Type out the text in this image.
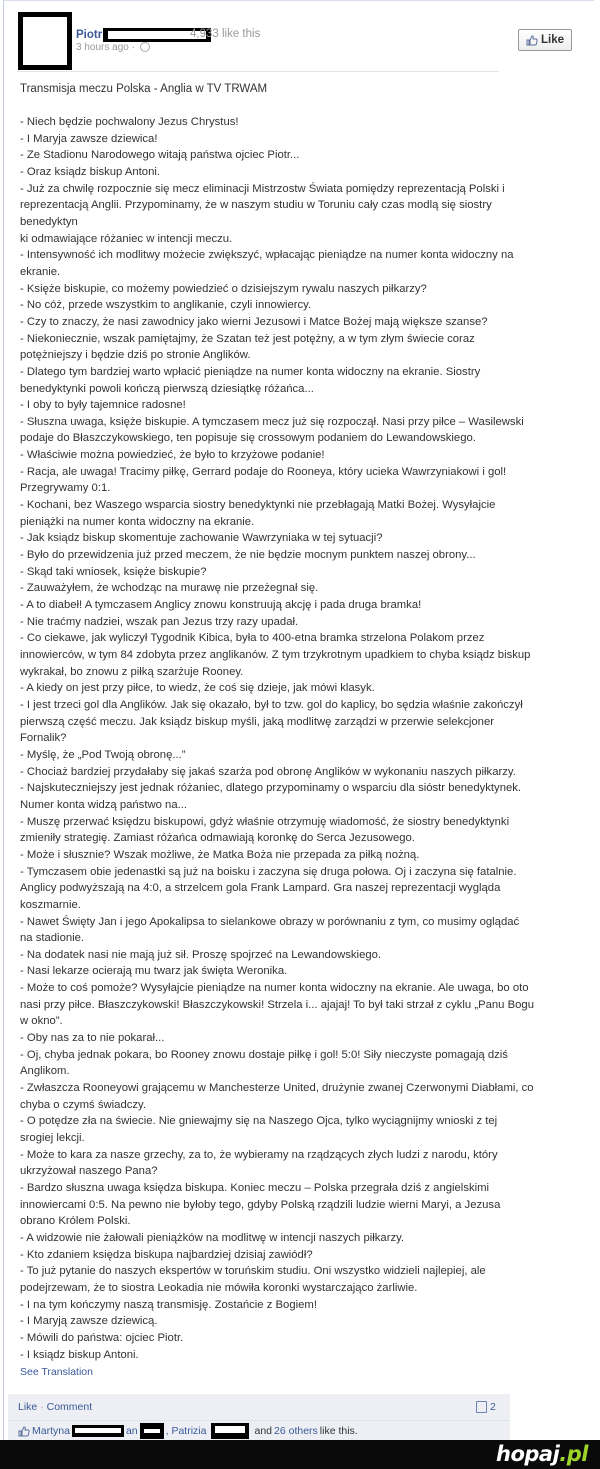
Piotr	4,933 like this
3 hours ago ·
Like
Transmisja meczu Polska - Anglia w TV TRWAM
- Niech będzie pochwalony Jezus Chrystus!
- I Maryja zawsze dziewica!
- Ze Stadionu Narodowego witają państwa ojciec Piotr...
- Oraz ksiądz biskup Antoni.
- Już za chwilę rozpocznie się mecz eliminacji Mistrzostw Świata pomiędzy reprezentacją Polski i
reprezentacją Anglii. Przypominamy, że w naszym studiu w Toruniu cały czas modlą się siostry
benedyktyn
ki odmawiające różaniec w intencji meczu.
- Intensywność ich modlitwy możecie zwiększyć, wpłacając pieniądze na numer konta widoczny na
ekranie.
- Księże biskupie, co możemy powiedzieć o dzisiejszym rywalu naszych piłkarzy?
- No cóż, przede wszystkim to anglikanie, czyli innowiercy.
- Czy to znaczy, że nasi zawodnicy jako wierni Jezusowi i Matce Bożej mają większe szanse?
- Niekoniecznie, wszak pamiętajmy, że Szatan też jest potężny, a w tym złym świecie coraz
potężniejszy i będzie dziś po stronie Anglików.
- Dlatego tym bardziej warto wpłacić pieniądze na numer konta widoczny na ekranie. Siostry
benedyktynki powoli kończą pierwszą dziesiątkę różańca...
- I oby to były tajemnice radosne!
- Słuszna uwaga, księże biskupie. A tymczasem mecz już się rozpoczął. Nasi przy piłce – Wasilewski
podaje do Błaszczykowskiego, ten popisuje się crossowym podaniem do Lewandowskiego.
- Właściwie można powiedzieć, że było to krzyżowe podanie!
- Racja, ale uwaga! Tracimy piłkę, Gerrard podaje do Rooneya, który ucieka Wawrzyniakowi i gol!
Przegrywamy 0:1.
- Kochani, bez Waszego wsparcia siostry benedyktynki nie przebłagają Matki Bożej. Wysyłajcie
pieniążki na numer konta widoczny na ekranie.
- Jak ksiądz biskup skomentuje zachowanie Wawrzyniaka w tej sytuacji?
- Było do przewidzenia już przed meczem, że nie będzie mocnym punktem naszej obrony...
- Skąd taki wniosek, księże biskupie?
- Zauważyłem, że wchodząc na murawę nie przeżegnał się.
- A to diabeł! A tymczasem Anglicy znowu konstruują akcję i pada druga bramka!
- Nie traćmy nadziei, wszak pan Jezus trzy razy upadał.
- Co ciekawe, jak wyliczył Tygodnik Kibica, była to 400-etna bramka strzelona Polakom przez
innowierców, w tym 84 zdobyta przez anglikanów. Z tym trzykrotnym upadkiem to chyba ksiądz biskup
wykrakał, bo znowu z piłką szarżuje Rooney.
- A kiedy on jest przy piłce, to wiedz, że coś się dzieje, jak mówi klasyk.
- I jest trzeci gol dla Anglików. Jak się okazało, był to tzw. gol do kaplicy, bo sędzia właśnie zakończył
pierwszą część meczu. Jak ksiądz biskup myśli, jaką modlitwę zarządzi w przerwie selekcjoner
Fornalik?
- Myślę, że „Pod Twoją obronę...”
- Chociaż bardziej przydałaby się jakaś szarża pod obronę Anglików w wykonaniu naszych piłkarzy.
- Najskuteczniejszy jest jednak różaniec, dlatego przypominamy o wsparciu dla sióstr benedyktynek.
Numer konta widzą państwo na...
- Muszę przerwać księdzu biskupowi, gdyż właśnie otrzymuję wiadomość, że siostry benedyktynki
zmieniły strategię. Zamiast różańca odmawiają koronkę do Serca Jezusowego.
- Może i słusznie? Wszak możliwe, że Matka Boża nie przepada za piłką nożną.
- Tymczasem obie jedenastki są już na boisku i zaczyna się druga połowa. Oj i zaczyna się fatalnie.
Anglicy podwyższają na 4:0, a strzelcem gola Frank Lampard. Gra naszej reprezentacji wygląda
koszmarnie.
- Nawet Święty Jan i jego Apokalipsa to sielankowe obrazy w porównaniu z tym, co musimy oglądać
na stadionie.
- Na dodatek nasi nie mają już sił. Proszę spojrzeć na Lewandowskiego.
- Nasi lekarze ocierają mu twarz jak święta Weronika.
- Może to coś pomoże? Wysyłajcie pieniądze na numer konta widoczny na ekranie. Ale uwaga, bo oto
nasi przy piłce. Błaszczykowski! Błaszczykowski! Strzela i... ajajaj! To był taki strzał z cyklu „Panu Bogu
w okno”.
- Oby nas za to nie pokarał...
- Oj, chyba jednak pokara, bo Rooney znowu dostaje piłkę i gol! 5:0! Siły nieczyste pomagają dziś
Anglikom.
- Zwłaszcza Rooneyowi grającemu w Manchesterze United, drużynie zwanej Czerwonymi Diabłami, co
chyba o czymś świadczy.
- O potędze zła na świecie. Nie gniewajmy się na Naszego Ojca, tylko wyciągnijmy wnioski z tej
srogiej lekcji.
- Może to kara za nasze grzechy, za to, że wybieramy na rządzących złych ludzi z narodu, który
ukrzyżował naszego Pana?
- Bardzo słuszna uwaga księdza biskupa. Koniec meczu – Polska przegrała dziś z angielskimi
innowiercami 0:5. Na pewno nie byłoby tego, gdyby Polską rządzili ludzie wierni Maryi, a Jezusa
obrano Królem Polski.
- A widzowie nie żałowali pieniążków na modlitwę w intencji naszych piłkarzy.
- Kto zdaniem księdza biskupa najbardziej dzisiaj zawiódł?
- To już pytanie do naszych ekspertów w toruńskim studiu. Oni wszystko widzieli najlepiej, ale
podejrzewam, że to siostra Leokadia nie mówiła koronki wystarczająco żarliwie.
- I na tym kończymy naszą transmisję. Zostańcie z Bogiem!
- I Maryją zawsze dziewicą.
- Mówili do państwa: ojciec Piotr.
- I ksiądz biskup Antoni.
See Translation
Like · Comment	2
Martyna	an	, Patrizia	and 26 others like this.
hopaj.pl
